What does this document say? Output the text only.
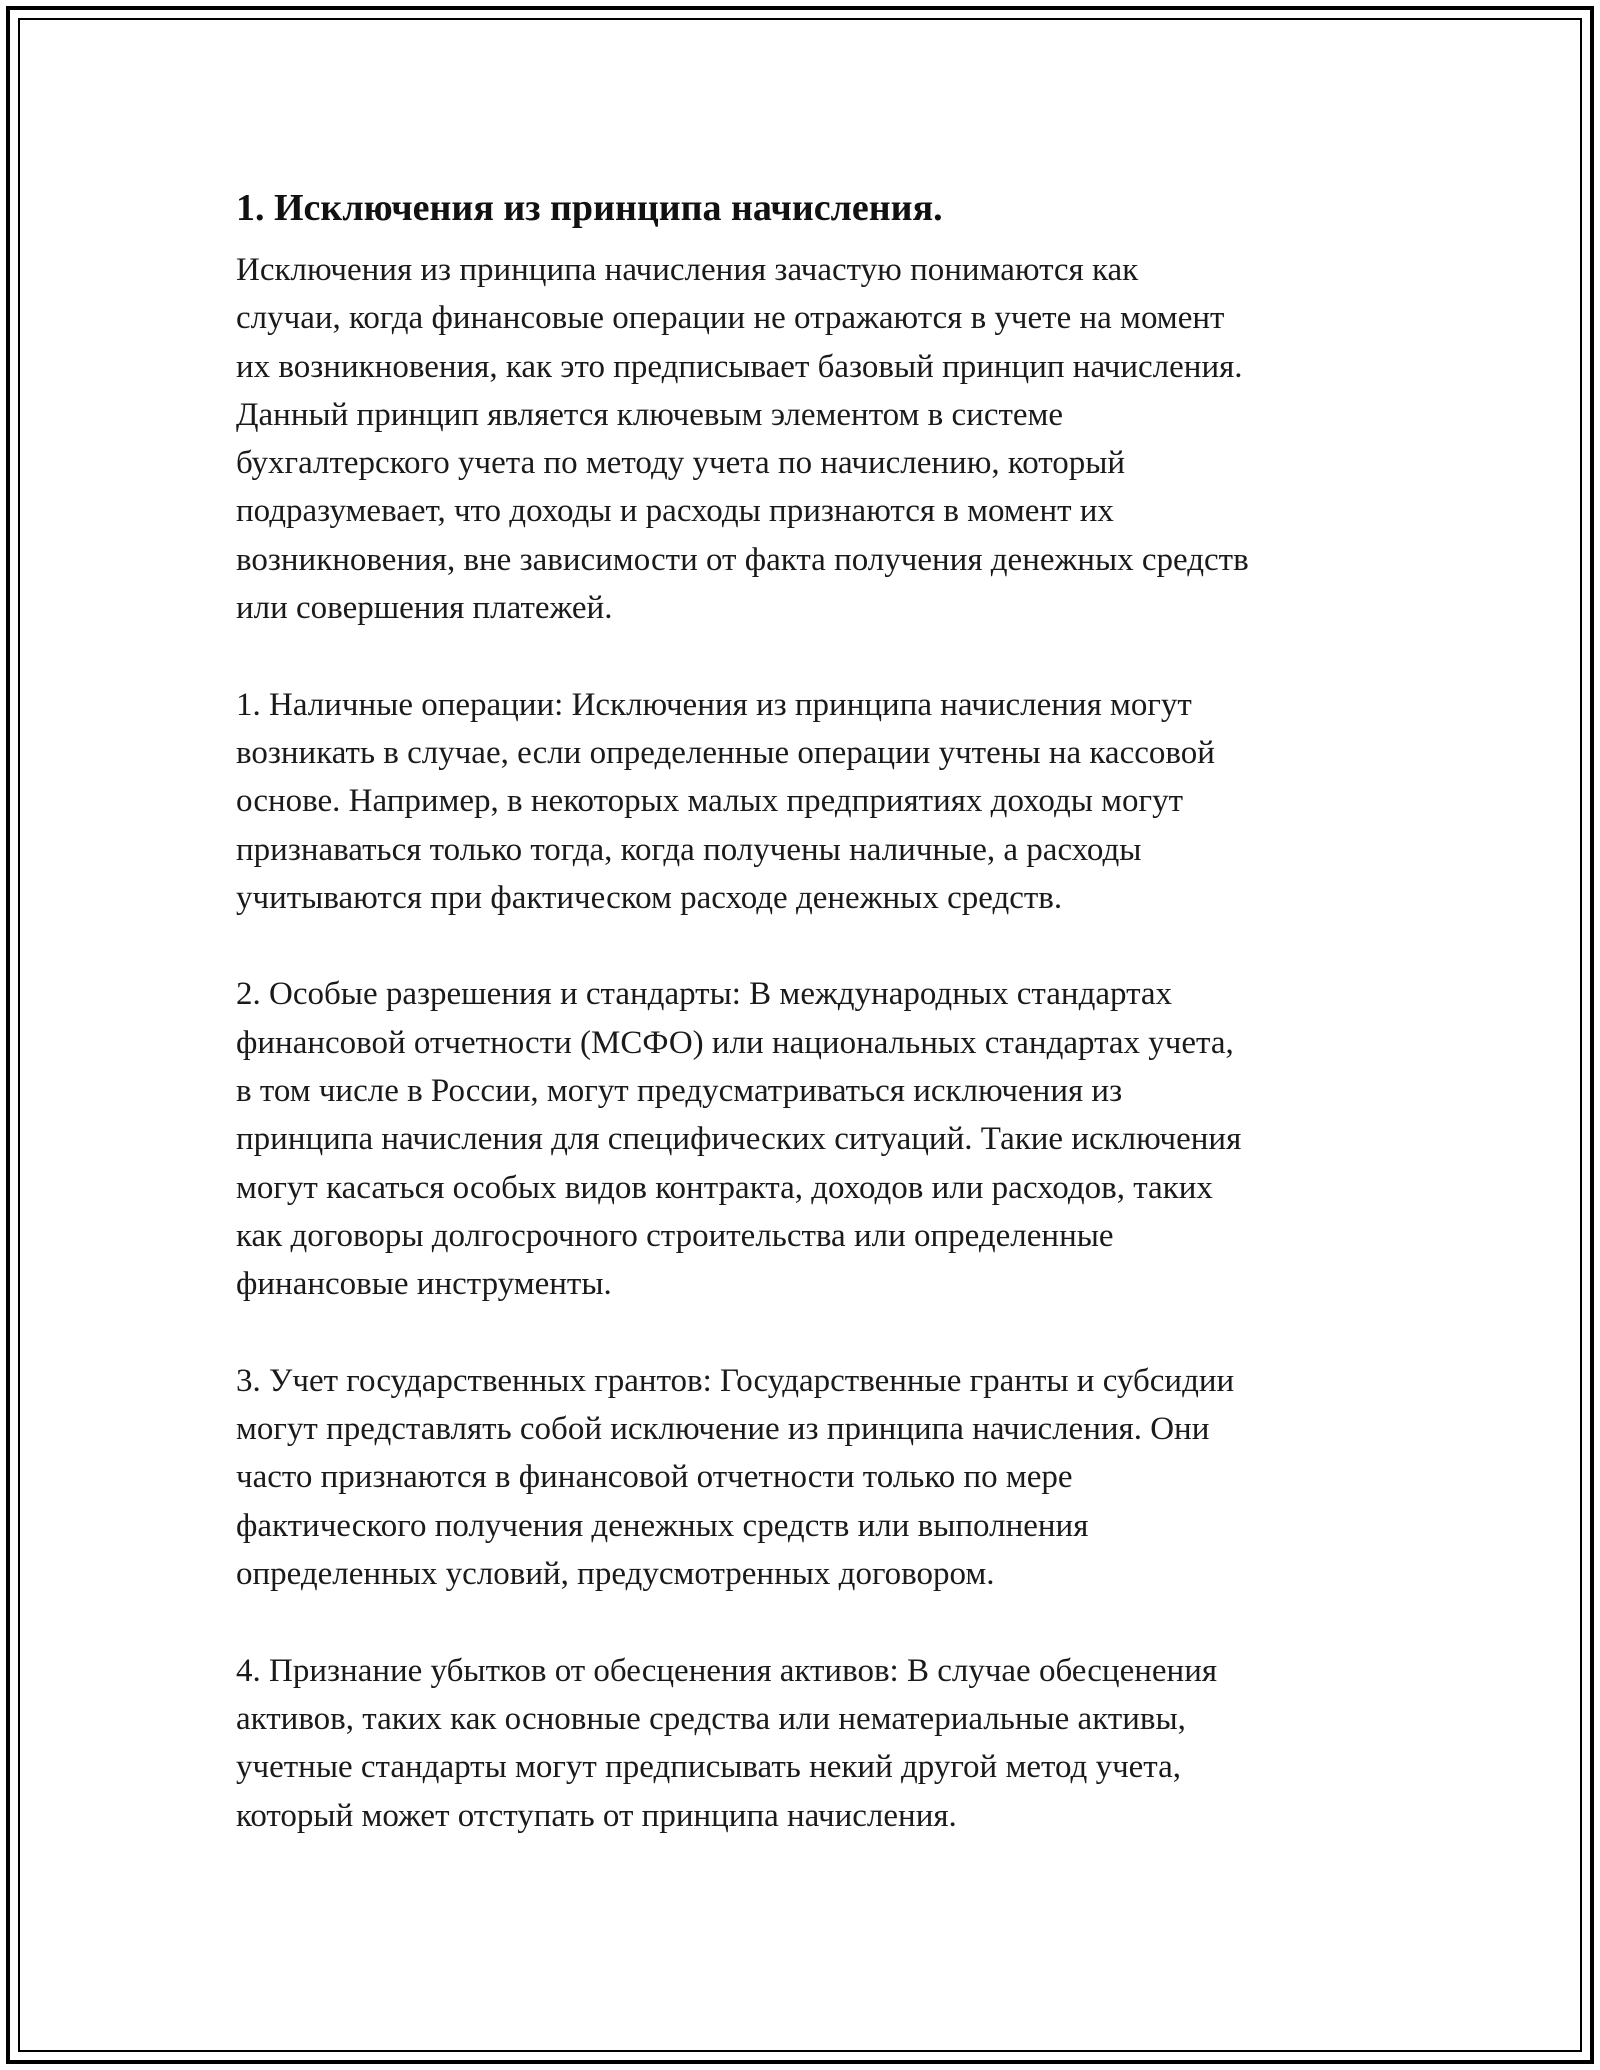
1. Исключения из принципа начисления.
Исключения из принципа начисления зачастую понимаются как
случаи, когда финансовые операции не отражаются в учете на момент
их возникновения, как это предписывает базовый принцип начисления.
Данный принцип является ключевым элементом в системе
бухгалтерского учета по методу учета по начислению, который
подразумевает, что доходы и расходы признаются в момент их
возникновения, вне зависимости от факта получения денежных средств
или совершения платежей.
1. Наличные операции: Исключения из принципа начисления могут
возникать в случае, если определенные операции учтены на кассовой
основе. Например, в некоторых малых предприятиях доходы могут
признаваться только тогда, когда получены наличные, а расходы
учитываются при фактическом расходе денежных средств.
2. Особые разрешения и стандарты: В международных стандартах
финансовой отчетности (МСФО) или национальных стандартах учета,
в том числе в России, могут предусматриваться исключения из
принципа начисления для специфических ситуаций. Такие исключения
могут касаться особых видов контракта, доходов или расходов, таких
как договоры долгосрочного строительства или определенные
финансовые инструменты.
3. Учет государственных грантов: Государственные гранты и субсидии
могут представлять собой исключение из принципа начисления. Они
часто признаются в финансовой отчетности только по мере
фактического получения денежных средств или выполнения
определенных условий, предусмотренных договором.
4. Признание убытков от обесценения активов: В случае обесценения
активов, таких как основные средства или нематериальные активы,
учетные стандарты могут предписывать некий другой метод учета,
который может отступать от принципа начисления.
